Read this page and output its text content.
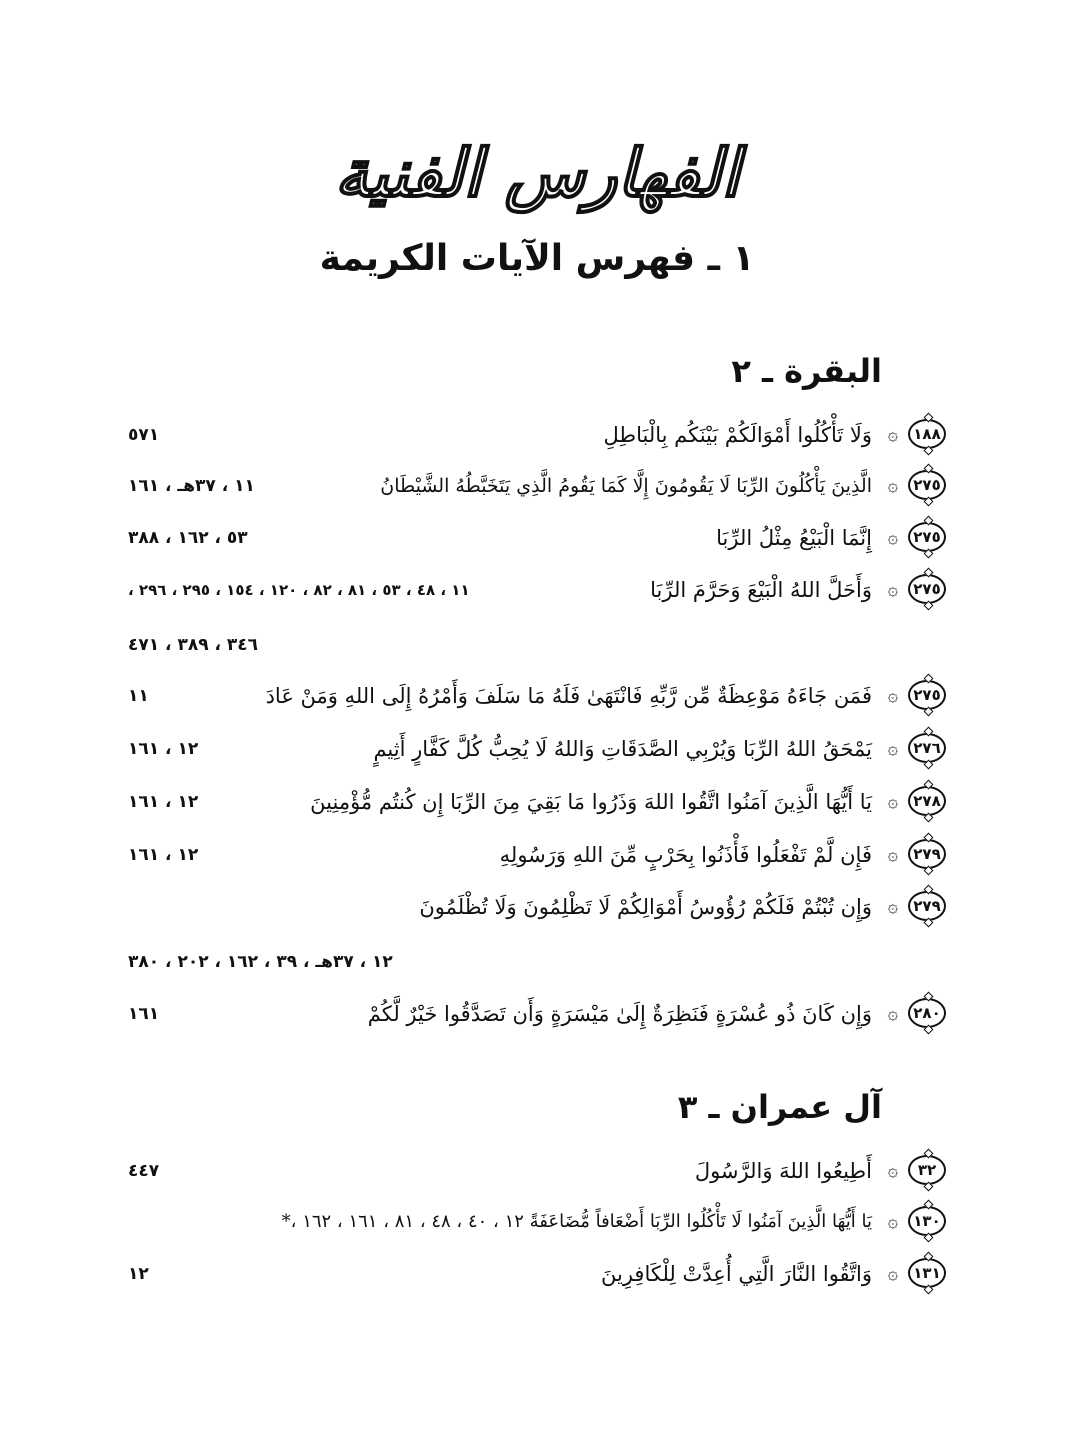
الفهارس الفنية
١ ـ فهرس الآيات الكريمة
البقرة ـ ٢
١٨٨
۞
وَلَا تَأْكُلُوا أَمْوَالَكُمْ بَيْنَكُم بِالْبَاطِلِ
٥٧١
٢٧٥
۞
الَّذِينَ يَأْكُلُونَ الرِّبَا لَا يَقُومُونَ إِلَّا كَمَا يَقُومُ الَّذِي يَتَخَبَّطُهُ الشَّيْطَانُ
١١ ، ٣٧هـ ، ١٦١
٢٧٥
۞
إِنَّمَا الْبَيْعُ مِثْلُ الرِّبَا
٥٣ ، ١٦٢ ، ٣٨٨
٢٧٥
۞
وَأَحَلَّ اللهُ الْبَيْعَ وَحَرَّمَ الرِّبَا
١١ ، ٤٨ ، ٥٣ ، ٨١ ، ٨٢ ، ١٢٠ ، ١٥٤ ، ٢٩٥ ، ٢٩٦ ،
٣٤٦ ، ٣٨٩ ، ٤٧١
٢٧٥
۞
فَمَن جَاءَهُ مَوْعِظَةٌ مِّن رَّبِّهِ فَانْتَهَىٰ فَلَهُ مَا سَلَفَ وَأَمْرُهُ إِلَى اللهِ وَمَنْ عَادَ
١١
٢٧٦
۞
يَمْحَقُ اللهُ الرِّبَا وَيُرْبِي الصَّدَقَاتِ وَاللهُ لَا يُحِبُّ كُلَّ كَفَّارٍ أَثِيمٍ
١٢ ، ١٦١
٢٧٨
۞
يَا أَيُّهَا الَّذِينَ آمَنُوا اتَّقُوا اللهَ وَذَرُوا مَا بَقِيَ مِنَ الرِّبَا إِن كُنتُم مُّؤْمِنِينَ
١٢ ، ١٦١
٢٧٩
۞
فَإِن لَّمْ تَفْعَلُوا فَأْذَنُوا بِحَرْبٍ مِّنَ اللهِ وَرَسُولِهِ
١٢ ، ١٦١
٢٧٩
۞
وَإِن تُبْتُمْ فَلَكُمْ رُؤُوسُ أَمْوَالِكُمْ لَا تَظْلِمُونَ وَلَا تُظْلَمُونَ
١٢ ، ٣٧هـ ، ٣٩ ، ١٦٢ ، ٢٠٢ ، ٣٨٠
٢٨٠
۞
وَإِن كَانَ ذُو عُسْرَةٍ فَنَظِرَةٌ إِلَىٰ مَيْسَرَةٍ وَأَن تَصَدَّقُوا خَيْرٌ لَّكُمْ
١٦١
آل عمران ـ ٣
٣٢
۞
أَطِيعُوا اللهَ وَالرَّسُولَ
٤٤٧
١٣٠
۞
يَا أَيُّهَا الَّذِينَ آمَنُوا لَا تَأْكُلُوا الرِّبَا أَضْعَافاً مُّضَاعَفَةً ١٢ ، ٤٠ ، ٤٨ ، ٨١ ، ١٦١ ، ١٦٢ ،*
١٣١
۞
وَاتَّقُوا النَّارَ الَّتِي أُعِدَّتْ لِلْكَافِرِينَ
١٢
